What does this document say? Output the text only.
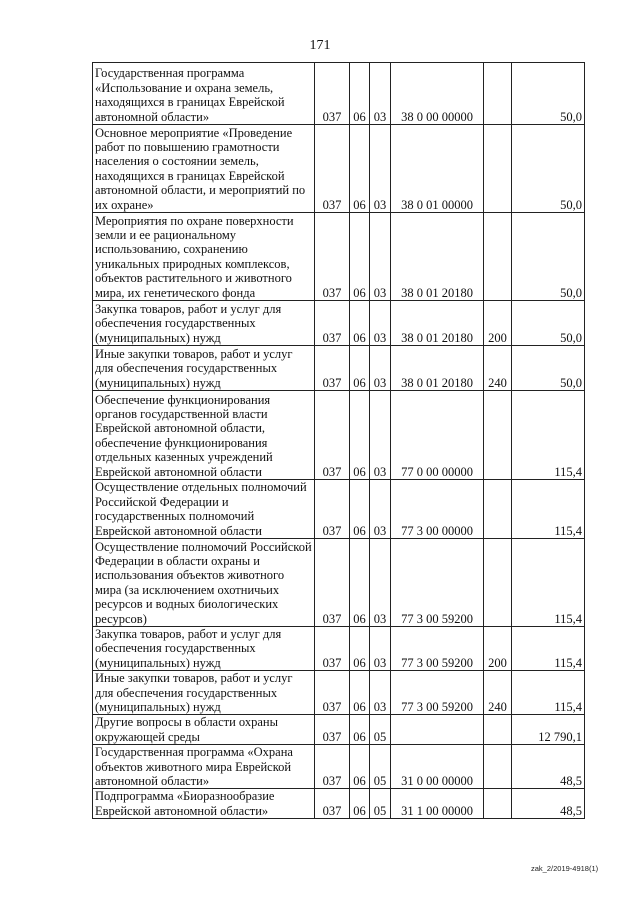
171
Государственная программа «Использование и охрана земель, находящихся в границах Еврейской автономной области»	037	06	03	38 0 00 00000		50,0
Основное мероприятие «Проведение работ по повышению грамотности населения о состоянии земель, находящихся в границах Еврейской автономной области, и мероприятий по их охране»	037	06	03	38 0 01 00000		50,0
Мероприятия по охране поверхности земли и ее рациональному использованию, сохранению уникальных природных комплексов, объектов растительного и животного мира, их генетического фонда	037	06	03	38 0 01 20180		50,0
Закупка товаров, работ и услуг для обеспечения государственных (муниципальных) нужд	037	06	03	38 0 01 20180	200	50,0
Иные закупки товаров, работ и услуг для обеспечения государственных (муниципальных) нужд	037	06	03	38 0 01 20180	240	50,0
Обеспечение функционирования органов государственной власти Еврейской автономной области, обеспечение функционирования отдельных казенных учреждений Еврейской автономной области	037	06	03	77 0 00 00000		115,4
Осуществление отдельных полномочий Российской Федерации и государственных полномочий Еврейской автономной области	037	06	03	77 3 00 00000		115,4
Осуществление полномочий Российской Федерации в области охраны и использования объектов животного мира (за исключением охотничьих ресурсов и водных биологических ресурсов)	037	06	03	77 3 00 59200		115,4
Закупка товаров, работ и услуг для обеспечения государственных (муниципальных) нужд	037	06	03	77 3 00 59200	200	115,4
Иные закупки товаров, работ и услуг для обеспечения государственных (муниципальных) нужд	037	06	03	77 3 00 59200	240	115,4
Другие вопросы в области охраны окружающей среды	037	06	05			12 790,1
Государственная программа «Охрана объектов животного мира Еврейской автономной области»	037	06	05	31 0 00 00000		48,5
Подпрограмма «Биоразнообразие Еврейской автономной области»	037	06	05	31 1 00 00000		48,5
zak_2/2019-4918(1)
